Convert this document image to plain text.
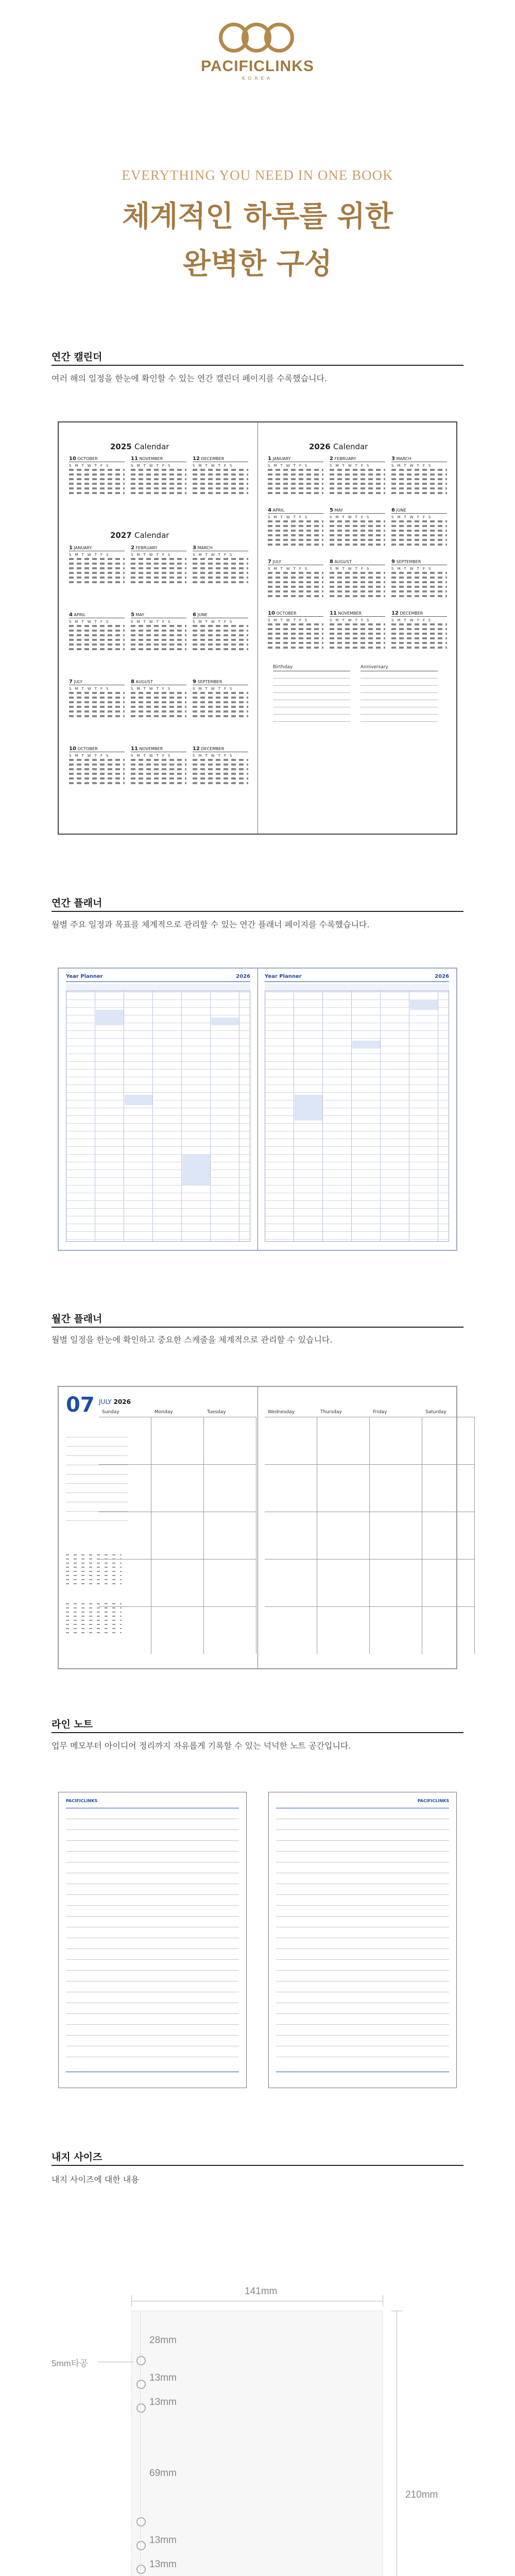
PACIFICLINKS
KOREA
EVERYTHING YOU NEED IN ONE BOOK
체계적인 하루를 위한
완벽한 구성
연간 캘린더
여러 해의 일정을 한눈에 확인할 수 있는 연간 캘린더 페이지를 수록했습니다.
2025 Calendar
2027 Calendar
10 OCTOBER
SMTWTFS
11 NOVEMBER
SMTWTFS
12 DECEMBER
SMTWTFS
1 JANUARY
SMTWTFS
2 FEBRUARY
SMTWTFS
3 MARCH
SMTWTFS
4 APRIL
SMTWTFS
5 MAY
SMTWTFS
6 JUNE
SMTWTFS
7 JULY
SMTWTFS
8 AUGUST
SMTWTFS
9 SEPTEMBER
SMTWTFS
10 OCTOBER
SMTWTFS
11 NOVEMBER
SMTWTFS
12 DECEMBER
SMTWTFS
2026 Calendar
Birthday	Anniversary
1 JANUARY
SMTWTFS
2 FEBRUARY
SMTWTFS
3 MARCH
SMTWTFS
4 APRIL
SMTWTFS
5 MAY
SMTWTFS
6 JUNE
SMTWTFS
7 JULY
SMTWTFS
8 AUGUST
SMTWTFS
9 SEPTEMBER
SMTWTFS
10 OCTOBER
SMTWTFS
11 NOVEMBER
SMTWTFS
12 DECEMBER
SMTWTFS
연간 플래너
월별 주요 일정과 목표를 체계적으로 관리할 수 있는 연간 플래너 페이지를 수록했습니다.
Year Planner	2026	Year Planner	2026
월간 플래너
월별 일정을 한눈에 확인하고 중요한 스케줄을 체계적으로 관리할 수 있습니다.
07 JULY 2026
Sunday	Monday	Tuesday	Wednesday	Thursday	Friday	Saturday
라인 노트
업무 메모부터 아이디어 정리까지 자유롭게 기록할 수 있는 넉넉한 노트 공간입니다.
PACIFICLINKS	PACIFICLINKS
내지 사이즈
내지 사이즈에 대한 내용
141mm
5mm타공
28mm
13mm
13mm
69mm
13mm
13mm
210mm
